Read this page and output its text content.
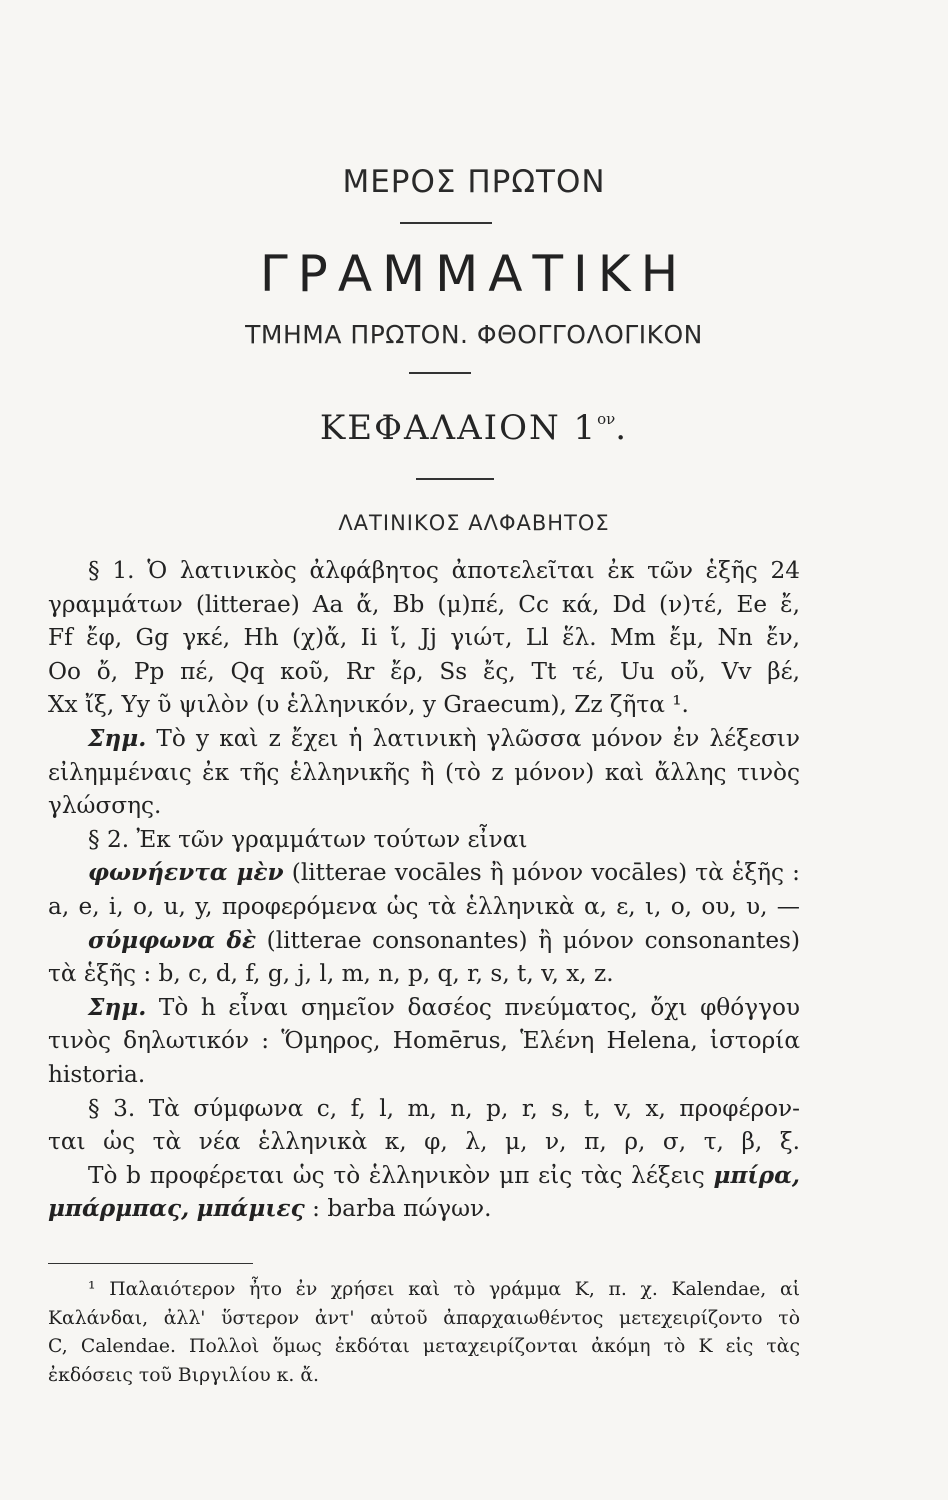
ΜΕΡΟΣ ΠΡΩΤΟΝ
ΓΡΑΜΜΑΤΙΚΗ
ΤΜΗΜΑ ΠΡΩΤΟΝ. ΦΘΟΓΓΟΛΟΓΙΚΟΝ
ΚΕΦΑΛΑΙΟΝ $1^{o\nu}$.
ΛΑΤΙΝΙΚΟΣ ΑΛΦΑΒΗΤΟΣ
§ 1. Ὁ λατινικὸς ἀλφάβητος ἀποτελεῖται ἐκ τῶν ἑξῆς 24
γραμμάτων (litterae) Aa ἄ, Bb (μ)πέ, Cc κά, Dd (ν)τέ, Ee ἔ,
Ff ἔφ, Gg γκέ, Hh (χ)ἄ, Ii ἴ, Jj γιώτ, Ll ἕλ. Mm ἔμ, Nn ἔν,
Oo ὄ, Pp πέ, Qq κοῦ, Rr ἔρ, Ss ἔς, Tt τέ, Uu οὔ, Vv βέ,
Xx ἴξ, Yy ῦ ψιλὸν (υ ἑλληνικόν, y Graecum), Zz ζῆτα ¹.
Σημ. Τὸ y καὶ z ἔχει ἡ λατινικὴ γλῶσσα μόνον ἐν λέξεσιν
εἰλημμέναις ἐκ τῆς ἑλληνικῆς ἢ (τὸ z μόνον) καὶ ἄλλης τινὸς
γλώσσης.
§ 2. Ἐκ τῶν γραμμάτων τούτων εἶναι
φωνήεντα μὲν (litterae vocāles ἢ μόνον vocāles) τὰ ἑξῆς :
a, e, i, o, u, y, προφερόμενα ὡς τὰ ἑλληνικὰ α, ε, ι, ο, ου, υ, —
σύμφωνα δὲ (litterae consonantes) ἢ μόνον consonantes)
τὰ ἑξῆς : b, c, d, f, g, j, l, m, n, p, q, r, s, t, v, x, z.
Σημ. Τὸ h εἶναι σημεῖον δασέος πνεύματος, ὄχι φθόγγου
τινὸς δηλωτικόν : Ὅμηρος, Homērus, Ἑλένη Helena, ἱστορία
historia.
§ 3. Τὰ σύμφωνα c, f, l, m, n, p, r, s, t, v, x, προφέρον-
ται ὡς τὰ νέα ἑλληνικὰ κ, φ, λ, μ, ν, π, ρ, σ, τ, β, ξ.
Τὸ b προφέρεται ὡς τὸ ἑλληνικὸν μπ εἰς τὰς λέξεις μπίρα,
μπάρμπας, μπάμιες : barba πώγων.
¹ Παλαιότερον ἦτο ἐν χρήσει καὶ τὸ γράμμα K, π. χ. Kalendae, αἱ
Καλάνδαι, ἀλλ' ὕστερον ἀντ' αὐτοῦ ἀπαρχαιωθέντος μετεχειρίζοντο τὸ
C, Calendae. Πολλοὶ ὅμως ἐκδόται μεταχειρίζονται ἀκόμη τὸ K εἰς τὰς
ἐκδόσεις τοῦ Βιργιλίου κ. ἄ.
